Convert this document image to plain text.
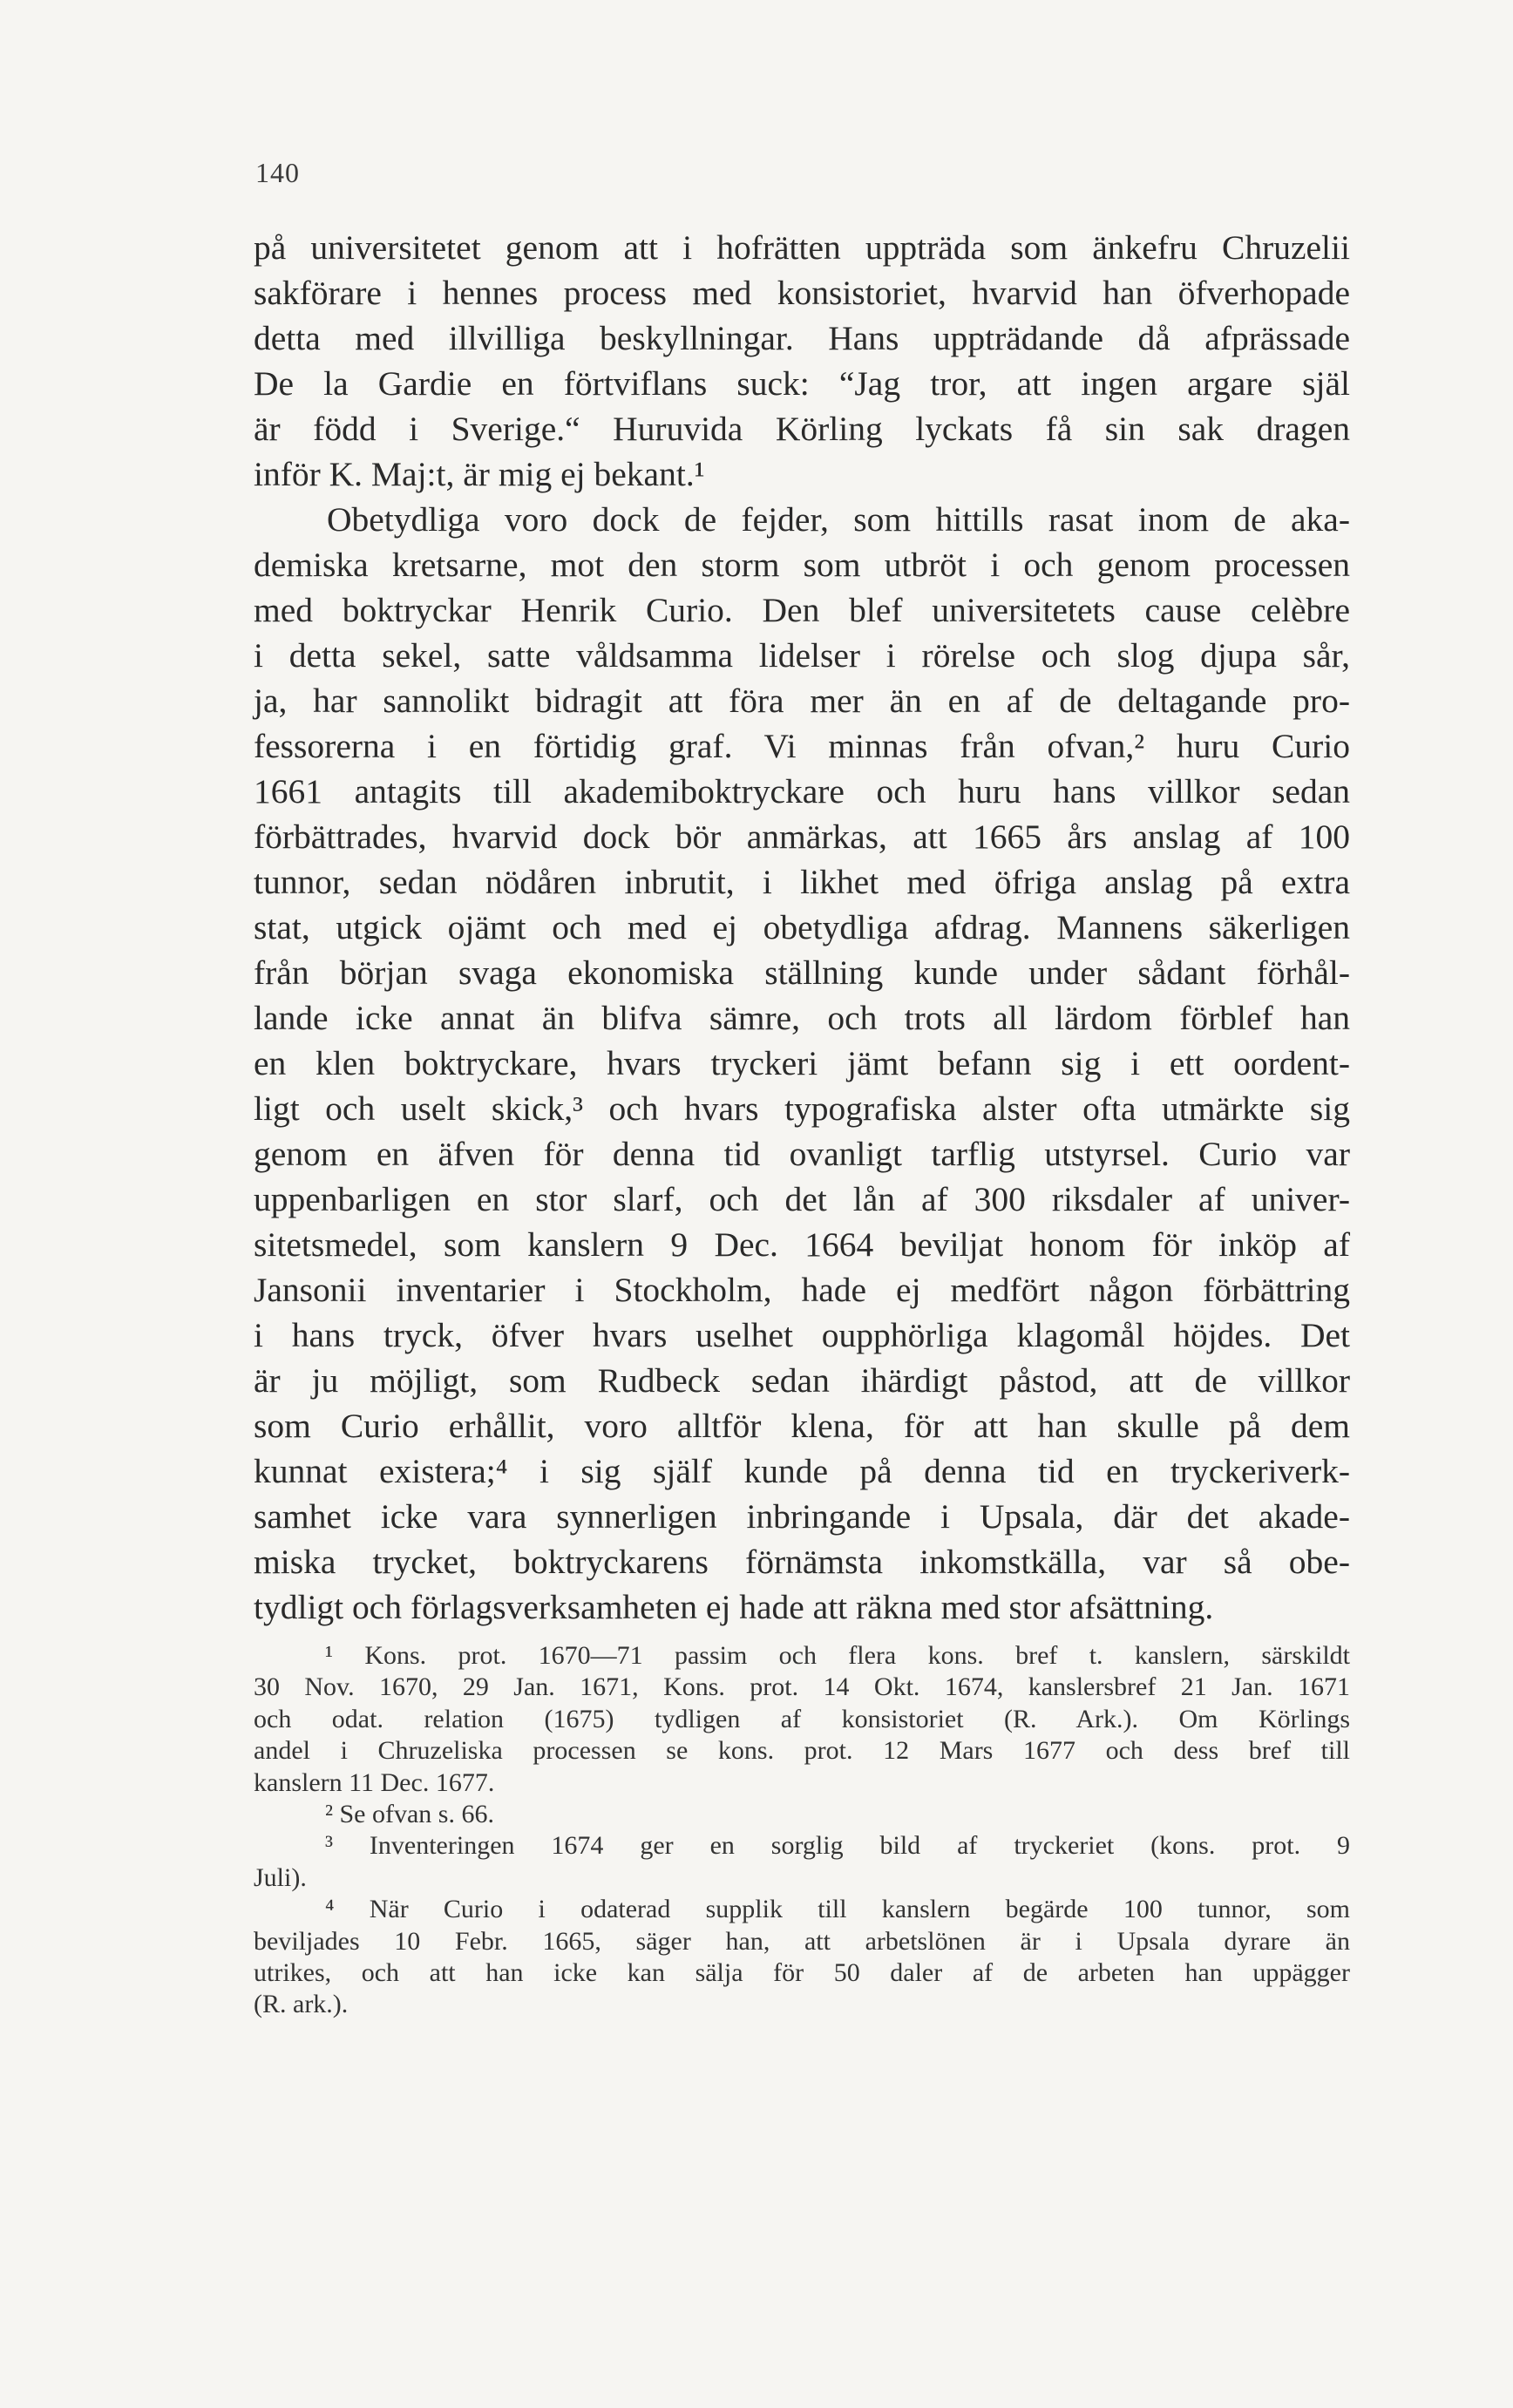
140
på universitetet genom att i hofrätten uppträda som änkefru Chruzelii
sakförare i hennes process med konsistoriet, hvarvid han öfverhopade
detta med illvilliga beskyllningar. Hans uppträdande då afprässade
De la Gardie en förtviflans suck: “Jag tror, att ingen argare själ
är född i Sverige.“ Huruvida Körling lyckats få sin sak dragen
inför K. Maj:t, är mig ej bekant.¹
Obetydliga voro dock de fejder, som hittills rasat inom de aka-
demiska kretsarne, mot den storm som utbröt i och genom processen
med boktryckar Henrik Curio. Den blef universitetets cause celèbre
i detta sekel, satte våldsamma lidelser i rörelse och slog djupa sår,
ja, har sannolikt bidragit att föra mer än en af de deltagande pro-
fessorerna i en förtidig graf. Vi minnas från ofvan,² huru Curio
1661 antagits till akademiboktryckare och huru hans villkor sedan
förbättrades, hvarvid dock bör anmärkas, att 1665 års anslag af 100
tunnor, sedan nödåren inbrutit, i likhet med öfriga anslag på extra
stat, utgick ojämt och med ej obetydliga afdrag. Mannens säkerligen
från början svaga ekonomiska ställning kunde under sådant förhål-
lande icke annat än blifva sämre, och trots all lärdom förblef han
en klen boktryckare, hvars tryckeri jämt befann sig i ett oordent-
ligt och uselt skick,³ och hvars typografiska alster ofta utmärkte sig
genom en äfven för denna tid ovanligt tarflig utstyrsel. Curio var
uppenbarligen en stor slarf, och det lån af 300 riksdaler af univer-
sitetsmedel, som kanslern 9 Dec. 1664 beviljat honom för inköp af
Jansonii inventarier i Stockholm, hade ej medfört någon förbättring
i hans tryck, öfver hvars uselhet oupphörliga klagomål höjdes. Det
är ju möjligt, som Rudbeck sedan ihärdigt påstod, att de villkor
som Curio erhållit, voro alltför klena, för att han skulle på dem
kunnat existera;⁴ i sig själf kunde på denna tid en tryckeriverk-
samhet icke vara synnerligen inbringande i Upsala, där det akade-
miska trycket, boktryckarens förnämsta inkomstkälla, var så obe-
tydligt och förlagsverksamheten ej hade att räkna med stor afsättning.
¹ Kons. prot. 1670—71 passim och flera kons. bref t. kanslern, särskildt
30 Nov. 1670, 29 Jan. 1671, Kons. prot. 14 Okt. 1674, kanslersbref 21 Jan. 1671
och odat. relation (1675) tydligen af konsistoriet (R. Ark.). Om Körlings
andel i Chruzeliska processen se kons. prot. 12 Mars 1677 och dess bref till
kanslern 11 Dec. 1677.
² Se ofvan s. 66.
³ Inventeringen 1674 ger en sorglig bild af tryckeriet (kons. prot. 9
Juli).
⁴ När Curio i odaterad supplik till kanslern begärde 100 tunnor, som
beviljades 10 Febr. 1665, säger han, att arbetslönen är i Upsala dyrare än
utrikes, och att han icke kan sälja för 50 daler af de arbeten han uppägger
(R. ark.).
